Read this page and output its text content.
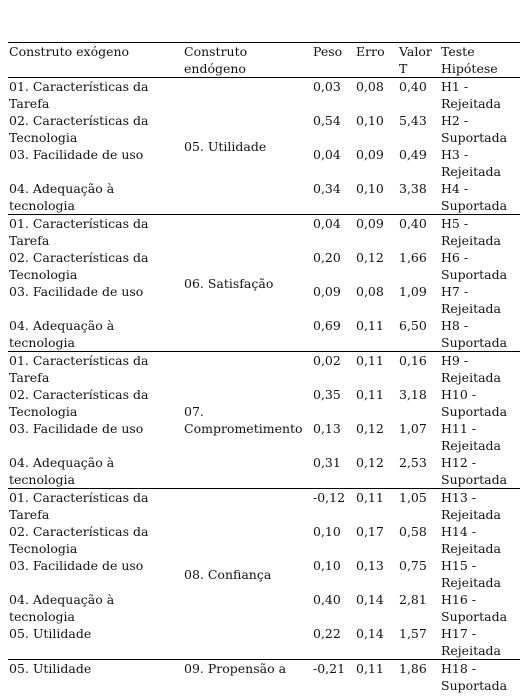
Construto exógeno	Construto endógeno	Peso	Erro	Valor T	Teste Hipótese
01. Características da Tarefa	05. Utilidade	0,03	0,08	0,40	H1 - Rejeitada
02. Características da Tecnologia		0,54	0,10	5,43	H2 - Suportada
03. Facilidade de uso		0,04	0,09	0,49	H3 - Rejeitada
04. Adequação à tecnologia		0,34	0,10	3,38	H4 - Suportada
01. Características da Tarefa	06. Satisfação	0,04	0,09	0,40	H5 - Rejeitada
02. Características da Tecnologia		0,20	0,12	1,66	H6 - Suportada
03. Facilidade de uso		0,09	0,08	1,09	H7 - Rejeitada
04. Adequação à tecnologia		0,69	0,11	6,50	H8 - Suportada
01. Características da Tarefa	07. Comprometimento	0,02	0,11	0,16	H9 - Rejeitada
02. Características da Tecnologia		0,35	0,11	3,18	H10 - Suportada
03. Facilidade de uso		0,13	0,12	1,07	H11 - Rejeitada
04. Adequação à tecnologia		0,31	0,12	2,53	H12 - Suportada
01. Características da Tarefa	08. Confiança	-0,12	0,11	1,05	H13 - Rejeitada
02. Características da Tecnologia		0,10	0,17	0,58	H14 - Rejeitada
03. Facilidade de uso		0,10	0,13	0,75	H15 - Rejeitada
04. Adequação à tecnologia		0,40	0,14	2,81	H16 - Suportada
05. Utilidade		0,22	0,14	1,57	H17 - Rejeitada
05. Utilidade	09. Propensão a	-0,21	0,11	1,86	H18 - Suportada
